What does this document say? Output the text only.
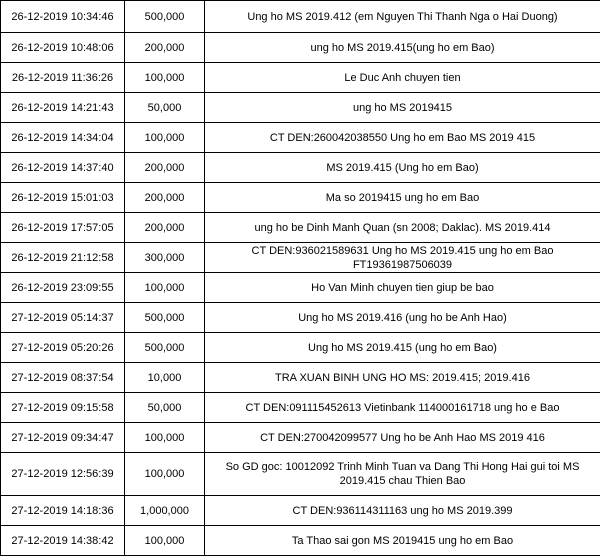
26-12-2019 10:34:46	500,000	Ung ho MS 2019.412 (em Nguyen Thi Thanh Nga o Hai Duong)
26-12-2019 10:48:06	200,000	ung ho MS 2019.415(ung ho em Bao)
26-12-2019 11:36:26	100,000	Le Duc Anh chuyen tien
26-12-2019 14:21:43	50,000	ung ho MS 2019415
26-12-2019 14:34:04	100,000	CT DEN:260042038550 Ung ho em Bao MS 2019 415
26-12-2019 14:37:40	200,000	MS 2019.415 (Ung ho em Bao)
26-12-2019 15:01:03	200,000	Ma so 2019415 ung ho em Bao
26-12-2019 17:57:05	200,000	ung ho be Dinh Manh Quan (sn 2008; Daklac). MS 2019.414
26-12-2019 21:12:58	300,000	CT DEN:936021589631 Ung ho MS 2019.415 ung ho em Bao FT19361987506039
26-12-2019 23:09:55	100,000	Ho Van Minh chuyen tien giup be bao
27-12-2019 05:14:37	500,000	Ung ho MS 2019.416 (ung ho be Anh Hao)
27-12-2019 05:20:26	500,000	Ung ho MS 2019.415 (ung ho em Bao)
27-12-2019 08:37:54	10,000	TRA XUAN BINH UNG HO MS: 2019.415; 2019.416
27-12-2019 09:15:58	50,000	CT DEN:091115452613 Vietinbank 114000161718 ung ho e Bao
27-12-2019 09:34:47	100,000	CT DEN:270042099577 Ung ho be Anh Hao MS 2019 416
27-12-2019 12:56:39	100,000	So GD goc: 10012092 Trinh Minh Tuan va Dang Thi Hong Hai gui toi MS 2019.415 chau Thien Bao
27-12-2019 14:18:36	1,000,000	CT DEN:936114311163 ung ho MS 2019.399
27-12-2019 14:38:42	100,000	Ta Thao sai gon MS 2019415 ung ho em Bao
